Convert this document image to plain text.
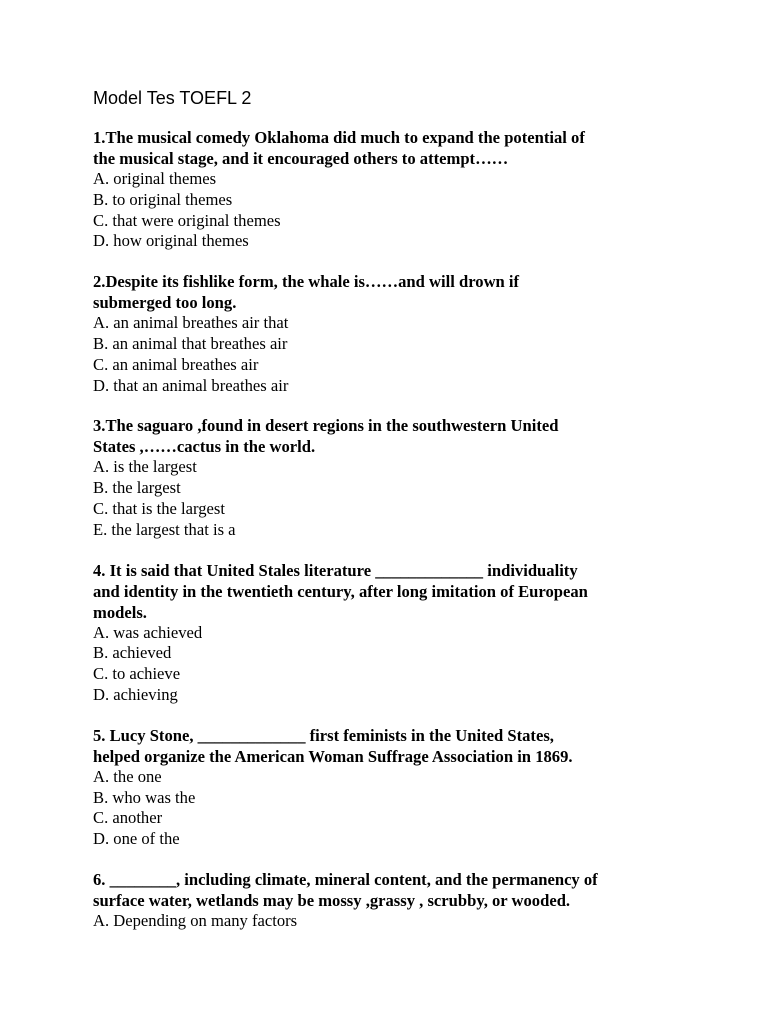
Model Tes TOEFL 2
1.The musical comedy Oklahoma did much to expand the potential of
the musical stage, and it encouraged others to attempt……
A. original themes
B. to original themes
C. that were original themes
D. how original themes
2.Despite its fishlike form, the whale is……and will drown if
submerged too long.
A. an animal breathes air that
B. an animal that breathes air
C. an animal breathes air
D. that an animal breathes air
3.The saguaro ,found in desert regions in the southwestern United
States ,……cactus in the world.
A. is the largest
B. the largest
C. that is the largest
E. the largest that is a
4. It is said that United Stales literature _____________ individuality
and identity in the twentieth century, after long imitation of European
models.
A. was achieved
B. achieved
C. to achieve
D. achieving
5. Lucy Stone, _____________ first feminists in the United States,
helped organize the American Woman Suffrage Association in 1869.
A. the one
B. who was the
C. another
D. one of the
6. ________, including climate, mineral content, and the permanency of
surface water, wetlands may be mossy ,grassy , scrubby, or wooded.
A. Depending on many factors
